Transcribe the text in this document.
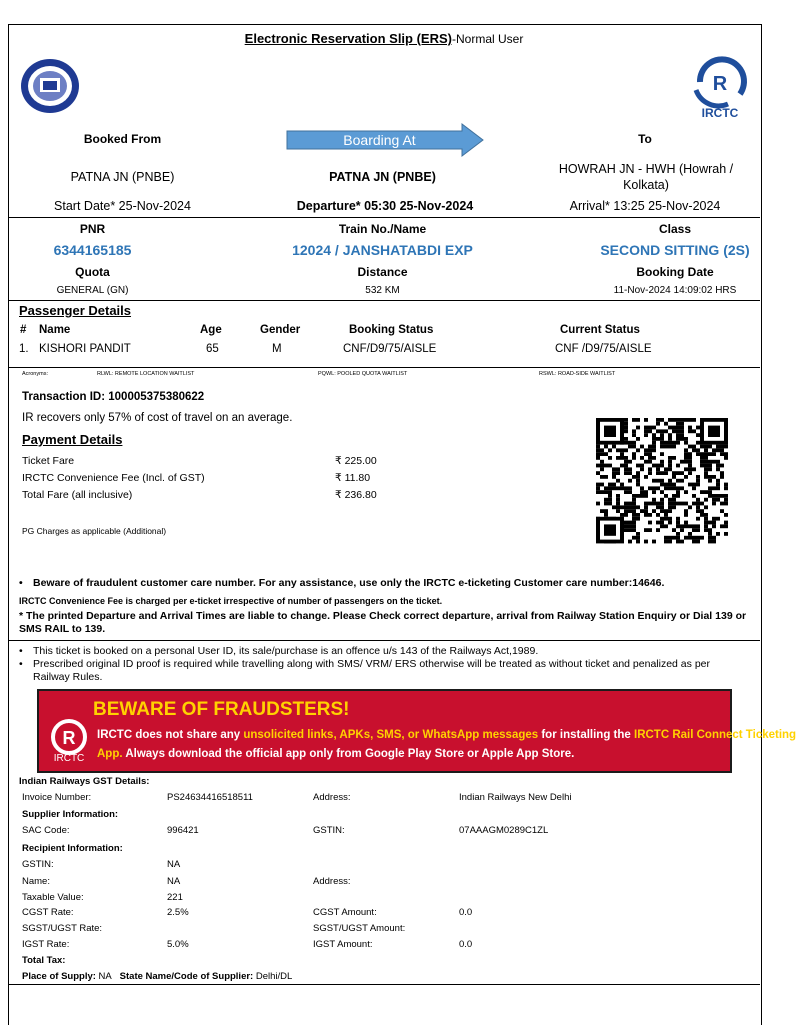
Electronic Reservation Slip (ERS)-Normal User
R
IRCTC
Booked From	Boarding At	To
PATNA JN (PNBE)	PATNA JN (PNBE)
HOWRAH JN - HWH (Howrah / Kolkata)
Start Date* 25-Nov-2024	Departure* 05:30 25-Nov-2024	Arrival* 13:25 25-Nov-2024
PNR	Train No./Name	Class
6344165185	12024 / JANSHATABDI EXP	SECOND SITTING (2S)
Quota	Distance	Booking Date
GENERAL (GN)	532 KM	11-Nov-2024 14:09:02 HRS
Passenger Details
# Name	Age	Gender	Booking Status	Current Status
1. KISHORI PANDIT	65	M	CNF/D9/75/AISLE	CNF /D9/75/AISLE
Acronyms:	RLWL: REMOTE LOCATION WAITLIST	PQWL: POOLED QUOTA WAITLIST	RSWL: ROAD-SIDE WAITLIST
Transaction ID: 100005375380622
IR recovers only 57% of cost of travel on an average.
Payment Details
Ticket Fare	₹ 225.00
IRCTC Convenience Fee (Incl. of GST)	₹ 11.80
Total Fare (all inclusive)	₹ 236.80
PG Charges as applicable (Additional)
• Beware of fraudulent customer care number. For any assistance, use only the IRCTC e-ticketing Customer care number:14646.
IRCTC Convenience Fee is charged per e-ticket irrespective of number of passengers on the ticket.
* The printed Departure and Arrival Times are liable to change. Please Check correct departure, arrival from Railway Station Enquiry or Dial 139 or SMS RAIL to 139.
• This ticket is booked on a personal User ID, its sale/purchase is an offence u/s 143 of the Railways Act,1989.
• Prescribed original ID proof is required while travelling along with SMS/ VRM/ ERS otherwise will be treated as without ticket and penalized as per Railway Rules.
R
IRCTC
BEWARE OF FRAUDSTERS!
IRCTC does not share any unsolicited links, APKs, SMS, or WhatsApp messages for installing the IRCTC Rail Connect Ticketing
App. Always download the official app only from Google Play Store or Apple App Store.
Indian Railways GST Details:
Invoice Number:	PS24634416518511	Address:	Indian Railways New Delhi
Supplier Information:
SAC Code:	996421	GSTIN:	07AAAGM0289C1ZL
Recipient Information:
GSTIN:	NA
Name:	NA	Address:
Taxable Value:	221
CGST Rate:	2.5%	CGST Amount:	0.0
SGST/UGST Rate:	SGST/UGST Amount:
IGST Rate:	5.0%	IGST Amount:	0.0
Total Tax:
Place of Supply: NA State Name/Code of Supplier: Delhi/DL
